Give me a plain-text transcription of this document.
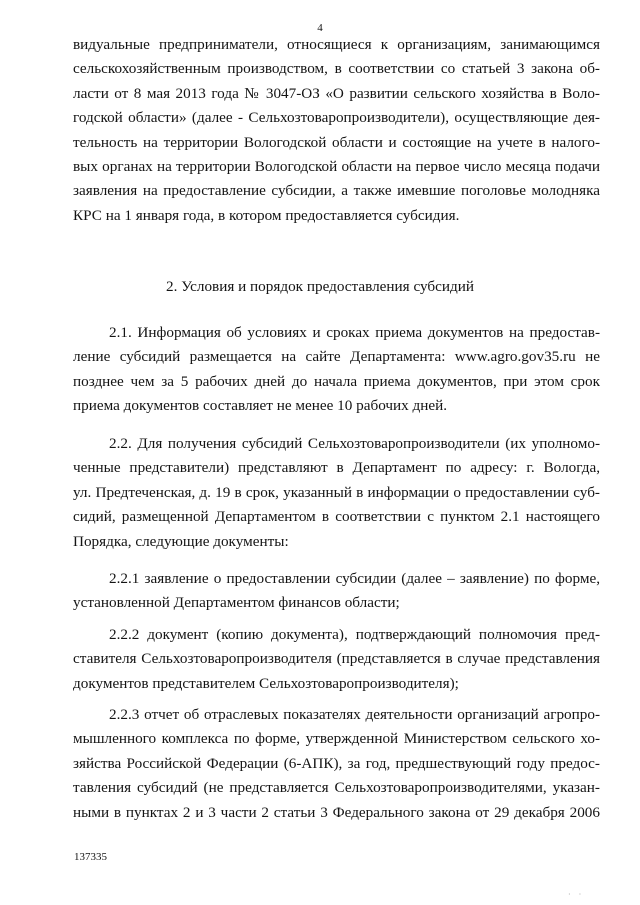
4
видуальные предприниматели, относящиеся к организациям, занимающимся
сельскохозяйственным производством, в соответствии со статьей 3 закона об-
ласти от 8 мая 2013 года № 3047-ОЗ «О развитии сельского хозяйства в Воло-
годской области» (далее - Сельхозтоваропроизводители), осуществляющие дея-
тельность на территории Вологодской области и состоящие на учете в налого-
вых органах на территории Вологодской области на первое число месяца подачи
заявления на предоставление субсидии, а также имевшие поголовье молодняка
КРС на 1 января года, в котором предоставляется субсидия.
2. Условия и порядок предоставления субсидий
2.1. Информация об условиях и сроках приема документов на предостав-
ление субсидий размещается на сайте Департамента: www.agro.gov35.ru не
позднее чем за 5 рабочих дней до начала приема документов, при этом срок
приема документов составляет не менее 10 рабочих дней.
2.2. Для получения субсидий Сельхозтоваропроизводители (их уполномо-
ченные представители) представляют в Департамент по адресу: г. Вологда,
ул. Предтеченская, д. 19 в срок, указанный в информации о предоставлении суб-
сидий, размещенной Департаментом в соответствии с пунктом 2.1 настоящего
Порядка, следующие документы:
2.2.1 заявление о предоставлении субсидии (далее – заявление) по форме,
установленной Департаментом финансов области;
2.2.2 документ (копию документа), подтверждающий полномочия пред-
ставителя Сельхозтоваропроизводителя (представляется в случае представления
документов представителем Сельхозтоваропроизводителя);
2.2.3 отчет об отраслевых показателях деятельности организаций агропро-
мышленного комплекса по форме, утвержденной Министерством сельского хо-
зяйства Российской Федерации (6-АПК), за год, предшествующий году предос-
тавления субсидий (не представляется Сельхозтоваропроизводителями, указан-
ными в пунктах 2 и 3 части 2 статьи 3 Федерального закона от 29 декабря 2006
137335
· ·
